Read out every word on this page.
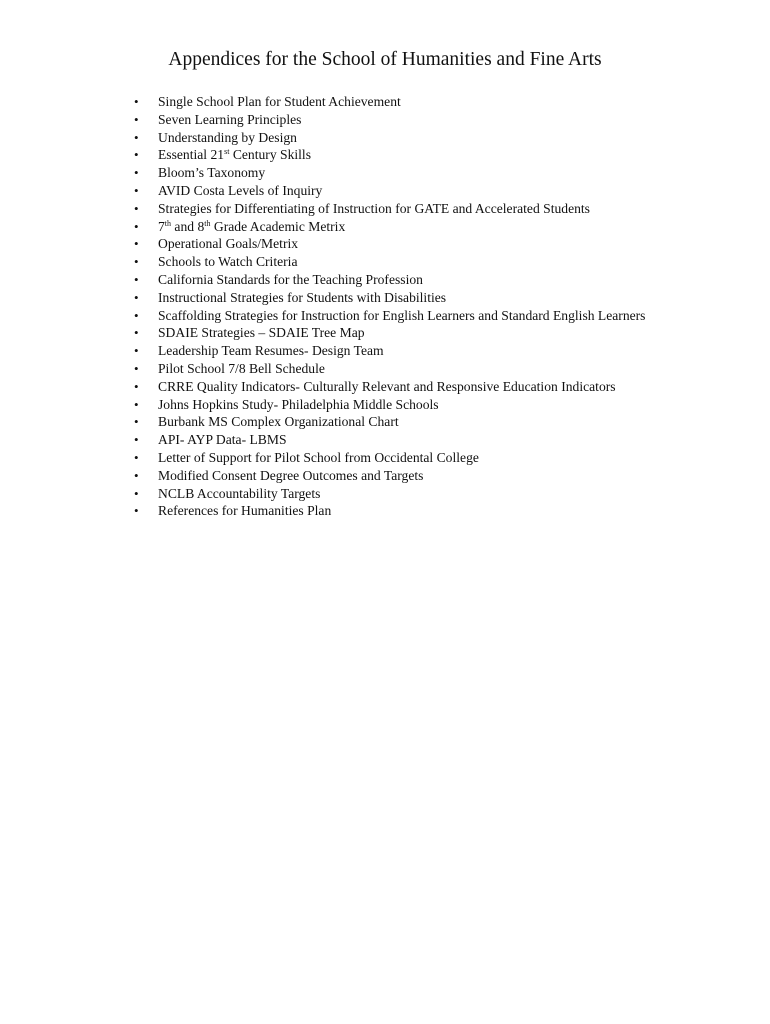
Appendices for the School of Humanities and Fine Arts
• Single School Plan for Student Achievement
• Seven Learning Principles
• Understanding by Design
• Essential 21st Century Skills
• Bloom’s Taxonomy
• AVID Costa Levels of Inquiry
• Strategies for Differentiating of Instruction for GATE and Accelerated Students
• 7th and 8th Grade Academic Metrix
• Operational Goals/Metrix
• Schools to Watch Criteria
• California Standards for the Teaching Profession
• Instructional Strategies for Students with Disabilities
• Scaffolding Strategies for Instruction for English Learners and Standard English Learners
• SDAIE Strategies – SDAIE Tree Map
• Leadership Team Resumes- Design Team
• Pilot School 7/8 Bell Schedule
• CRRE Quality Indicators- Culturally Relevant and Responsive Education Indicators
• Johns Hopkins Study- Philadelphia Middle Schools
• Burbank MS Complex Organizational Chart
• API- AYP Data- LBMS
• Letter of Support for Pilot School from Occidental College
• Modified Consent Degree Outcomes and Targets
• NCLB Accountability Targets
• References for Humanities Plan
